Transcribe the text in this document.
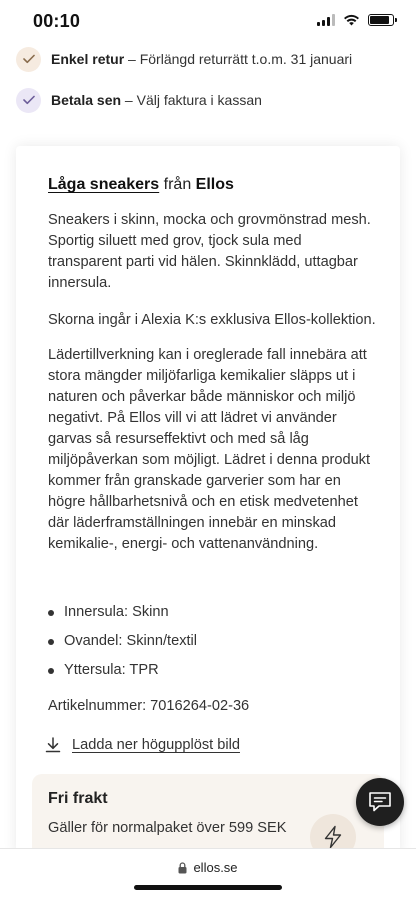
00:10
Enkel retur – Förlängd returrätt t.o.m. 31 januari
Betala sen – Välj faktura i kassan
Låga sneakers från Ellos

Sneakers i skinn, mocka och grovmönstrad mesh. Sportig siluett med grov, tjock sula med transparent parti vid hälen. Skinnklädd, uttagbar innersula.

Skorna ingår i Alexia K:s exklusiva Ellos-kollektion.

Lädertillverkning kan i oreglerade fall innebära att stora mängder miljöfarliga kemikalier släpps ut i naturen och påverkar både människor och miljö negativt. På Ellos vill vi att lädret vi använder garvas så resurseffektivt och med så låg miljöpåverkan som möjligt. Lädret i denna produkt kommer från granskade garverier som har en högre hållbarhetsnivå och en etisk medvetenhet där läderframställningen innebär en minskad kemikalie-, energi- och vattenanvändning.

Innersula: Skinn
Ovandel: Skinn/textil
Yttersula: TPR
Artikelnummer: 7016264-02-36
Ladda ner högupplöst bild
Fri frakt
Gäller för normalpaket över 599 SEK
ellos.se
